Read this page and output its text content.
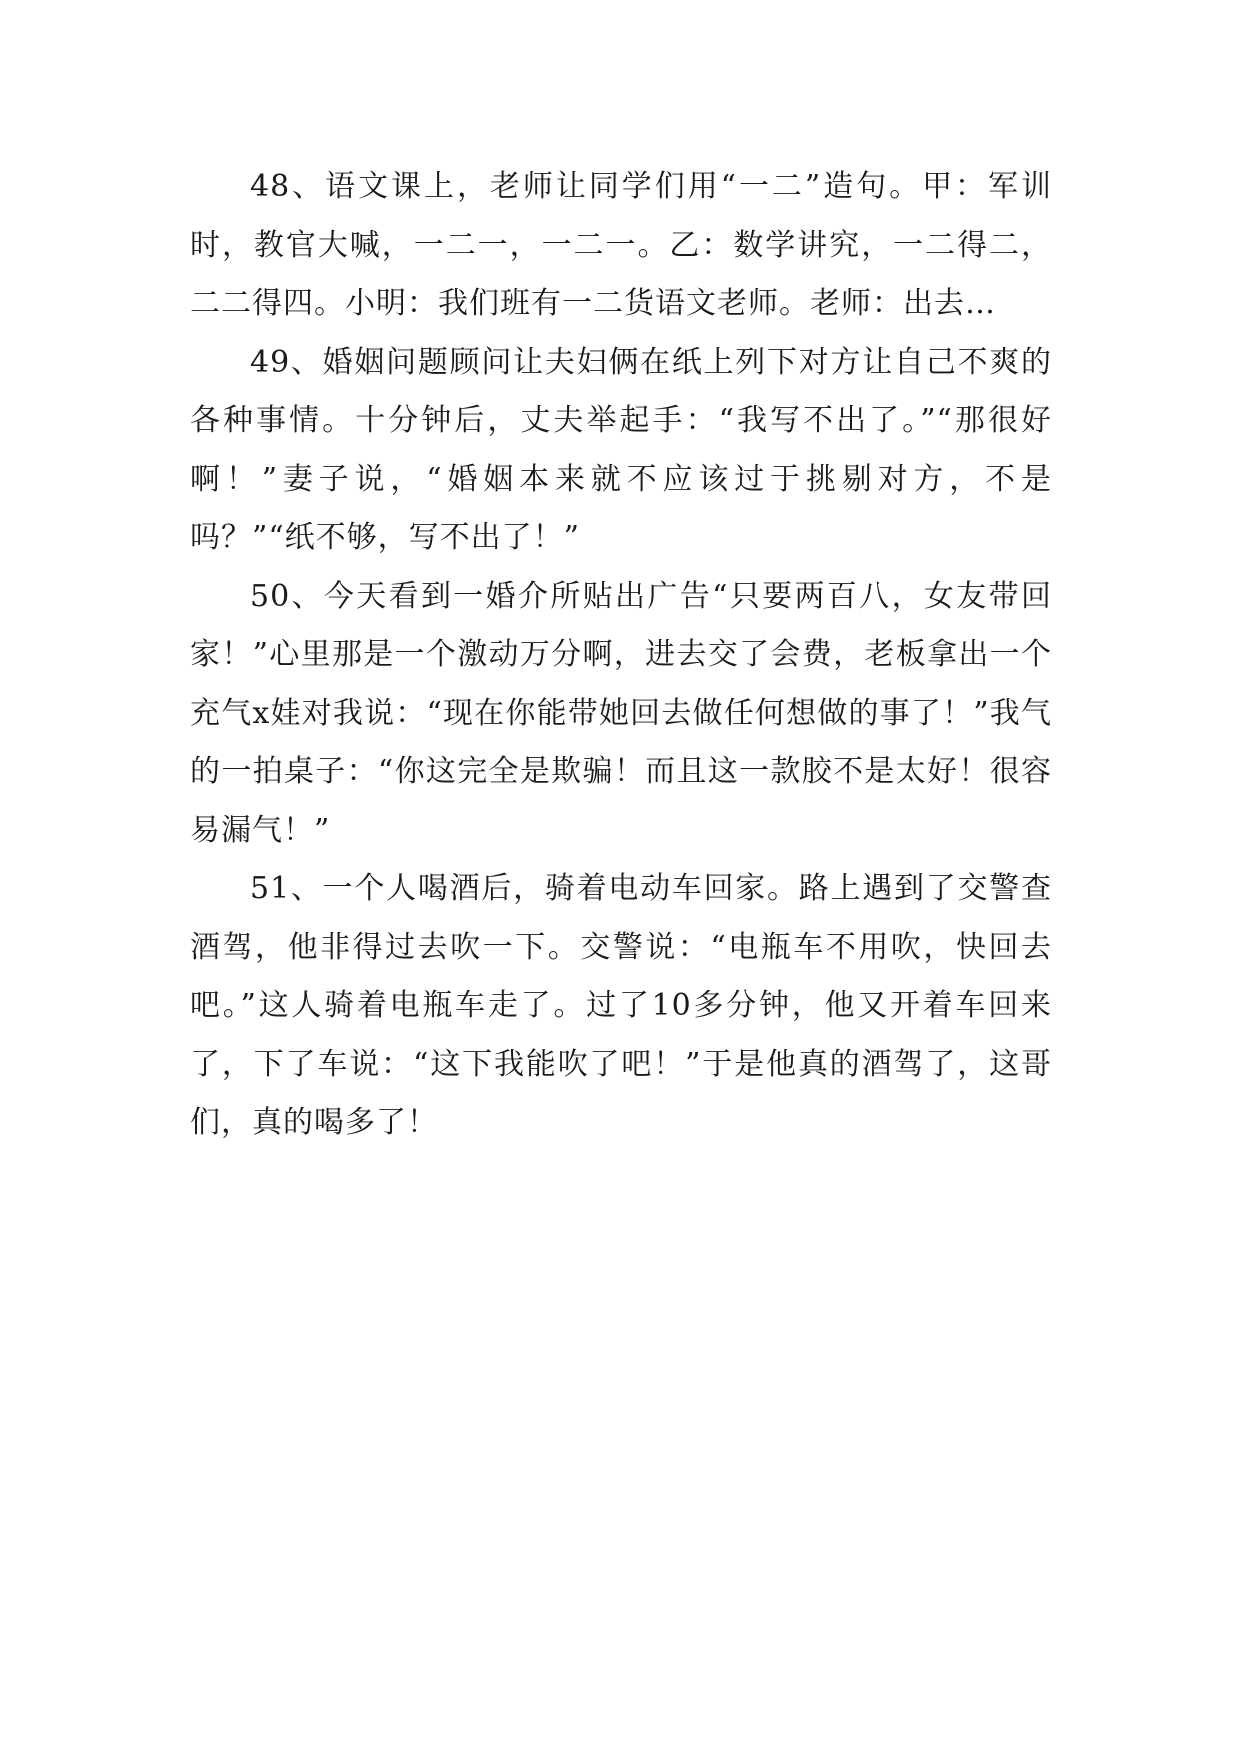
48、语文课上，老师让同学们用“一二”造句。甲：军训时，教官大喊，一二一，一二一。乙：数学讲究，一二得二，二二得四。小明：我们班有一二货语文老师。老师：出去…

49、婚姻问题顾问让夫妇俩在纸上列下对方让自己不爽的各种事情。十分钟后，丈夫举起手：“我写不出了。”“那很好啊！”妻子说，“婚姻本来就不应该过于挑剔对方，不是吗？”“纸不够，写不出了！”

50、今天看到一婚介所贴出广告“只要两百八，女友带回家！”心里那是一个激动万分啊，进去交了会费，老板拿出一个充气x娃对我说：“现在你能带她回去做任何想做的事了！”我气的一拍桌子：“你这完全是欺骗！而且这一款胶不是太好！很容易漏气！”

51、一个人喝酒后，骑着电动车回家。路上遇到了交警查酒驾，他非得过去吹一下。交警说：“电瓶车不用吹，快回去吧。”这人骑着电瓶车走了。过了10多分钟，他又开着车回来了，下了车说：“这下我能吹了吧！”于是他真的酒驾了，这哥们，真的喝多了！
